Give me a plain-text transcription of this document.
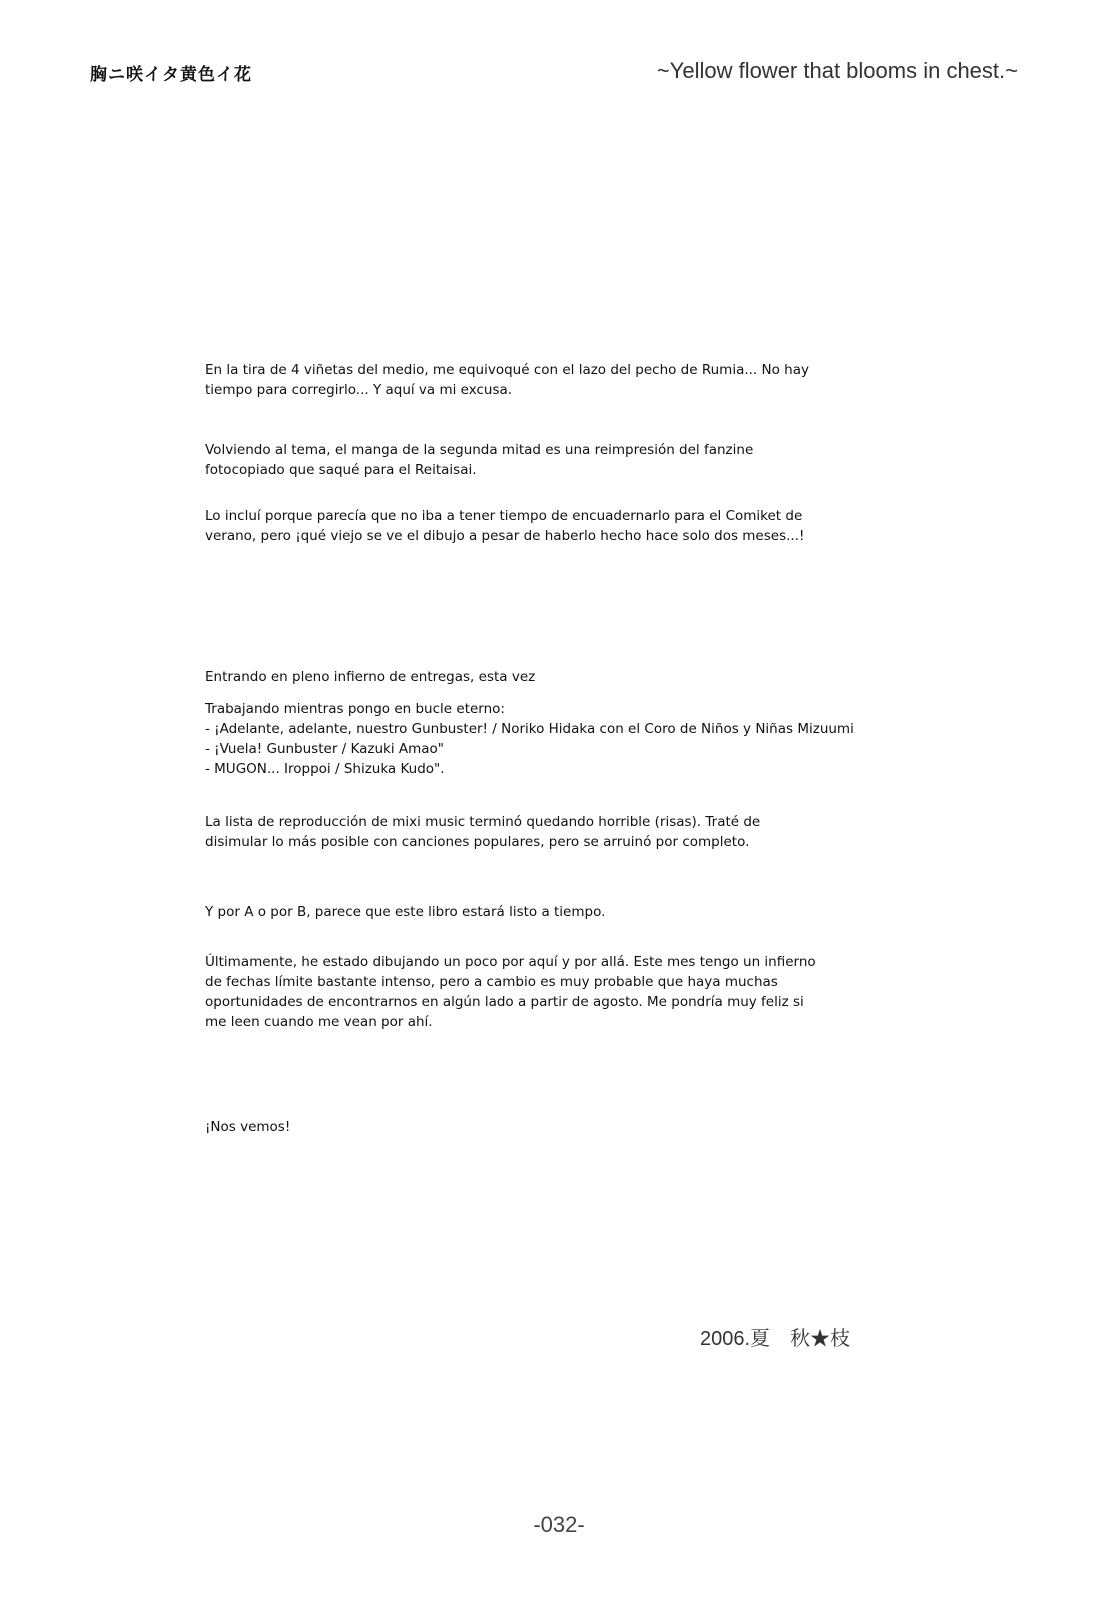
胸ニ咲イタ黄色イ花	~Yellow flower that blooms in chest.~

En la tira de 4 viñetas del medio, me equivoqué con el lazo del pecho de Rumia... No hay
tiempo para corregirlo... Y aquí va mi excusa.

Volviendo al tema, el manga de la segunda mitad es una reimpresión del fanzine
fotocopiado que saqué para el Reitaisai.

Lo incluí porque parecía que no iba a tener tiempo de encuadernarlo para el Comiket de
verano, pero ¡qué viejo se ve el dibujo a pesar de haberlo hecho hace solo dos meses...!

Entrando en pleno infierno de entregas, esta vez

Trabajando mientras pongo en bucle eterno:
- ¡Adelante, adelante, nuestro Gunbuster! / Noriko Hidaka con el Coro de Niños y Niñas Mizuumi
- ¡Vuela! Gunbuster / Kazuki Amao"
- MUGON... Iroppoi / Shizuka Kudo".

La lista de reproducción de mixi music terminó quedando horrible (risas). Traté de
disimular lo más posible con canciones populares, pero se arruinó por completo.

Y por A o por B, parece que este libro estará listo a tiempo.

Últimamente, he estado dibujando un poco por aquí y por allá. Este mes tengo un infierno
de fechas límite bastante intenso, pero a cambio es muy probable que haya muchas
oportunidades de encontrarnos en algún lado a partir de agosto. Me pondría muy feliz si
me leen cuando me vean por ahí.

¡Nos vemos!

2006.夏　秋★枝
-032-
